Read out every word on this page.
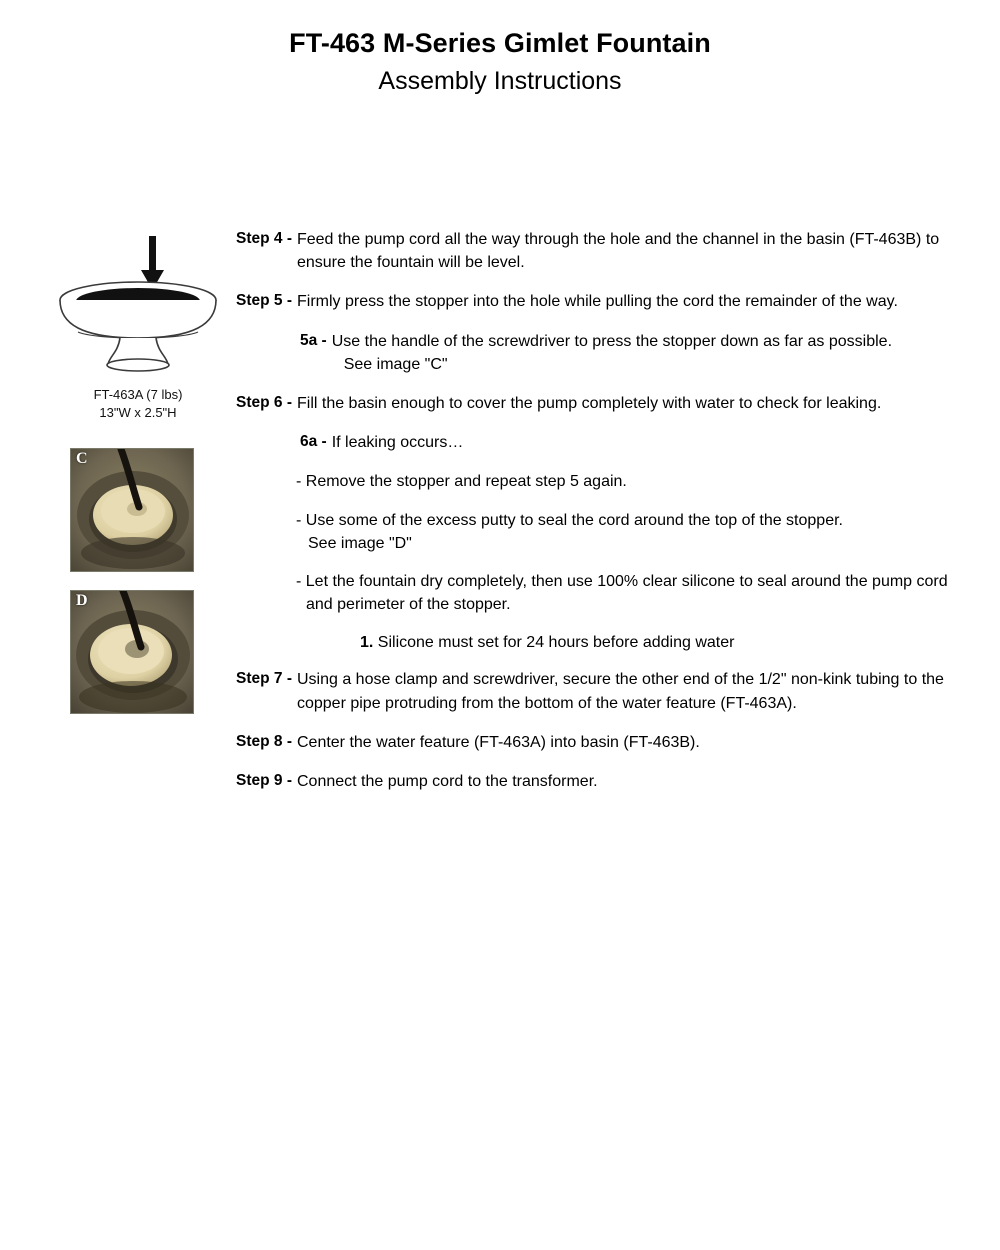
FT-463 M-Series Gimlet Fountain
Assembly Instructions
FT-463A (7 lbs)
13"W x 2.5"H
C
D
Step 4 - Feed the pump cord all the way through the hole and the channel in the basin (FT-463B) to ensure the fountain will be level.
Step 5 - Firmly press the stopper into the hole while pulling the cord the remainder of the way.
5a - Use the handle of the screwdriver to press the stopper down as far as possible.
See image "C"
Step 6 - Fill the basin enough to cover the pump completely with water to check for leaking.
6a - If leaking occurs…
- Remove the stopper and repeat step 5 again.
- Use some of the excess putty to seal the cord around the top of the stopper.
See image "D"
- Let the fountain dry completely, then use 100% clear silicone to seal around the pump cord and perimeter of the stopper.
1. Silicone must set for 24 hours before adding water
Step 7 - Using a hose clamp and screwdriver, secure the other end of the 1/2" non-kink tubing to the copper pipe protruding from the bottom of the water feature (FT-463A).
Step 8 - Center the water feature (FT-463A) into basin (FT-463B).
Step 9 - Connect the pump cord to the transformer.
